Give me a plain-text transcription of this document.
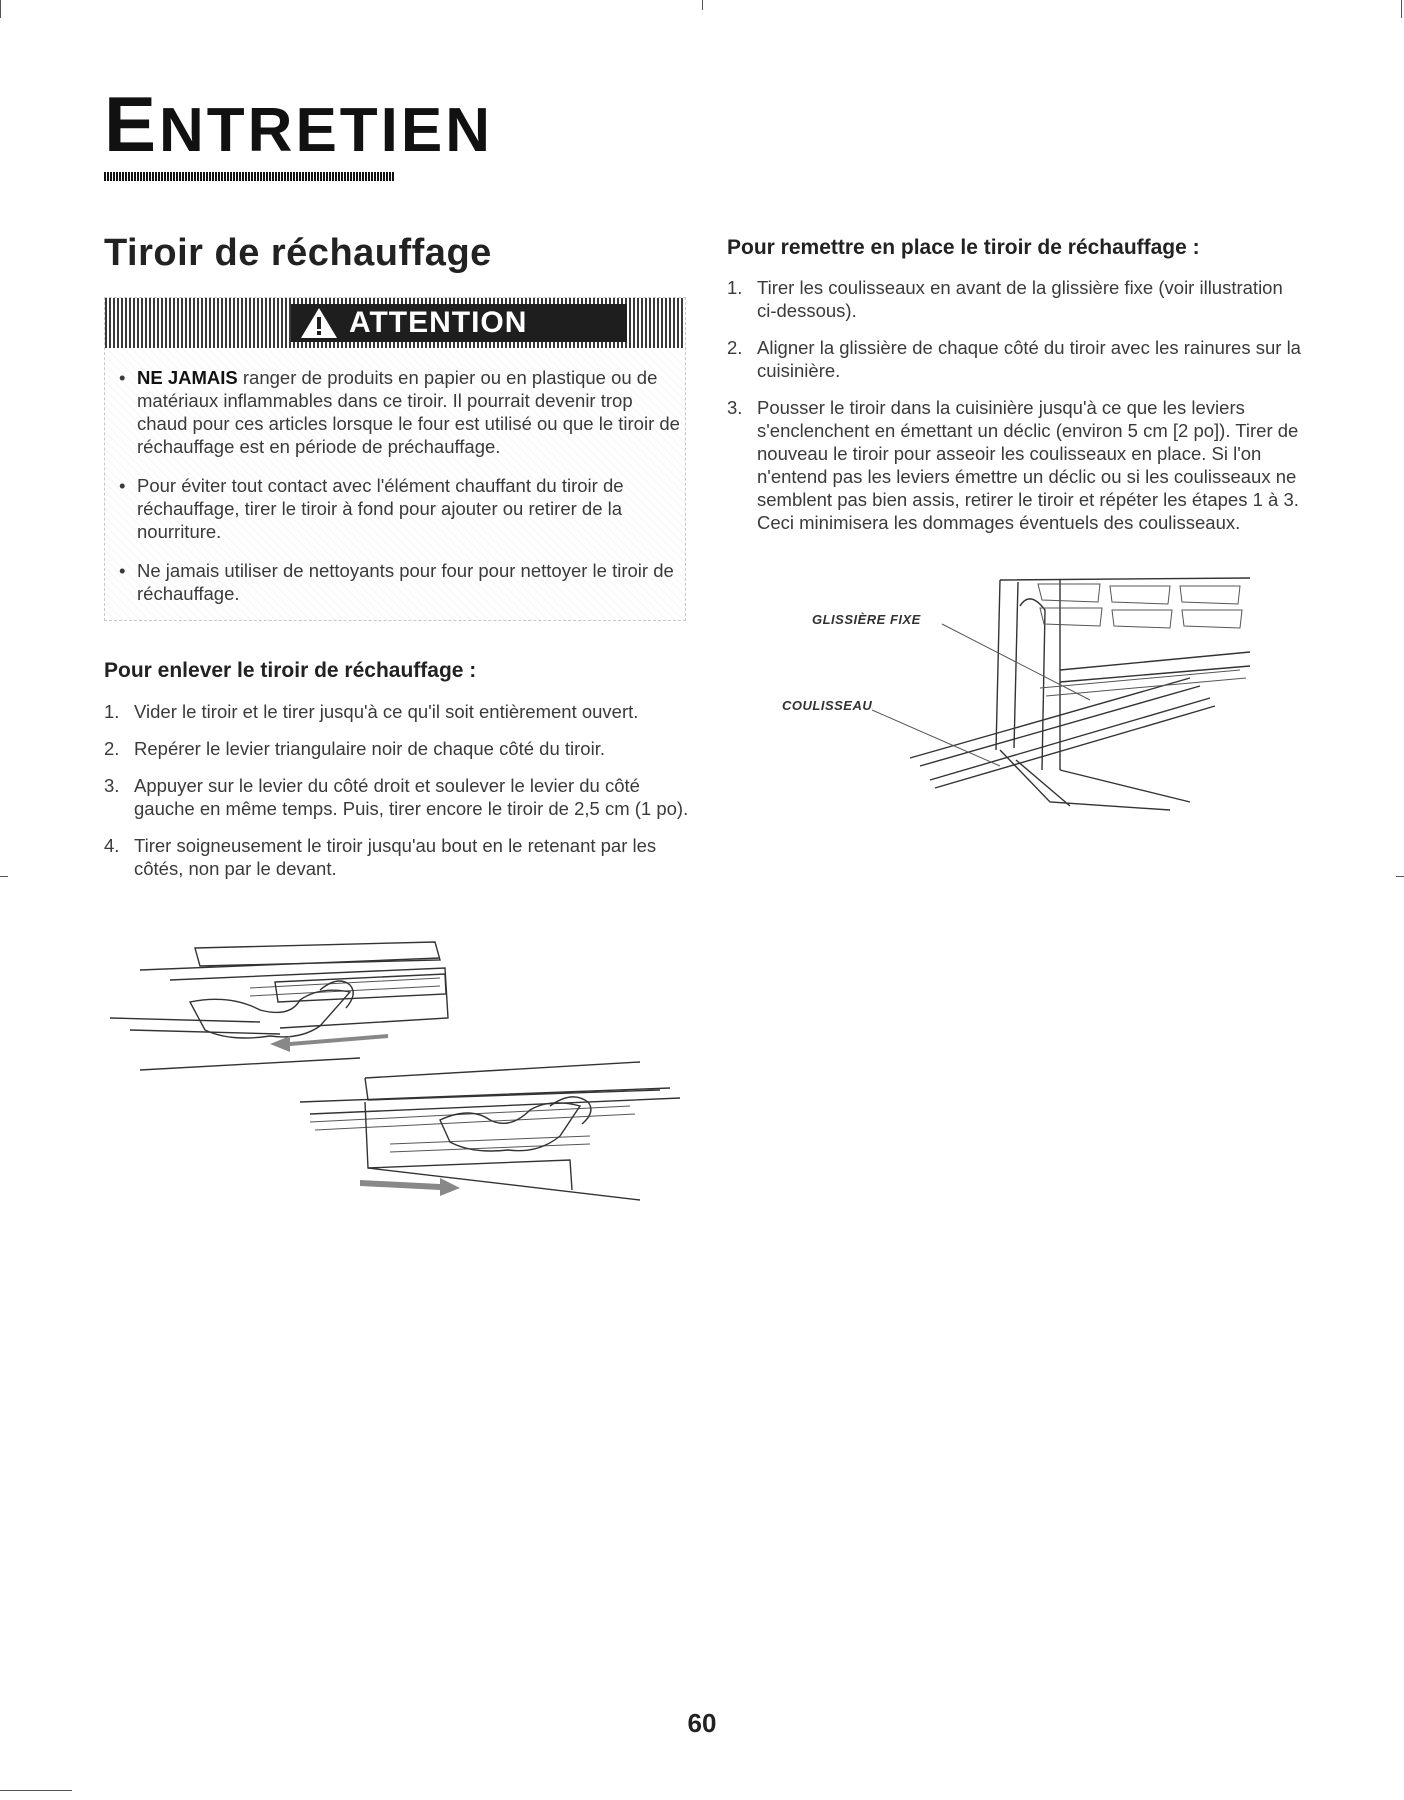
ENTRETIEN
Tiroir de réchauffage
ATTENTION
• NE JAMAIS ranger de produits en papier ou en plastique ou de matériaux inflammables dans ce tiroir. Il pourrait devenir trop chaud pour ces articles lorsque le four est utilisé ou que le tiroir de réchauffage est en période de préchauffage.
• Pour éviter tout contact avec l'élément chauffant du tiroir de réchauffage, tirer le tiroir à fond pour ajouter ou retirer de la nourriture.
• Ne jamais utiliser de nettoyants pour four pour nettoyer le tiroir de réchauffage.
Pour enlever le tiroir de réchauffage :
1. Vider le tiroir et le tirer jusqu'à ce qu'il soit entièrement ouvert.
2. Repérer le levier triangulaire noir de chaque côté du tiroir.
3. Appuyer sur le levier du côté droit et soulever le levier du côté gauche en même temps. Puis, tirer encore le tiroir de 2,5 cm (1 po).
4. Tirer soigneusement le tiroir jusqu'au bout en le retenant par les côtés, non par le devant.
Pour remettre en place le tiroir de réchauffage :
1. Tirer les coulisseaux en avant de la glissière fixe (voir illustration ci-dessous).
2. Aligner la glissière de chaque côté du tiroir avec les rainures sur la cuisinière.
3. Pousser le tiroir dans la cuisinière jusqu'à ce que les leviers s'enclenchent en émettant un déclic (environ 5 cm [2 po]). Tirer de nouveau le tiroir pour asseoir les coulisseaux en place. Si l'on n'entend pas les leviers émettre un déclic ou si les coulisseaux ne semblent pas bien assis, retirer le tiroir et répéter les étapes 1 à 3. Ceci minimisera les dommages éventuels des coulisseaux.
GLISSIÈRE FIXE
COULISSEAU
60
